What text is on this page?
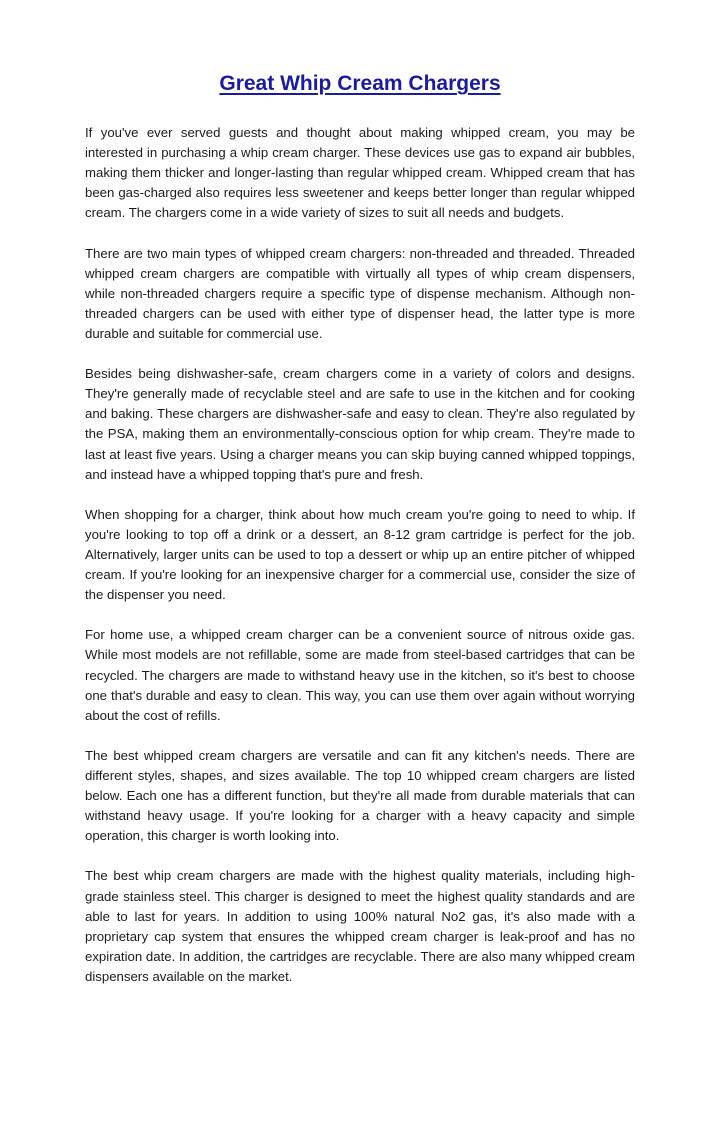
Great Whip Cream Chargers

If you've ever served guests and thought about making whipped cream, you may be interested in purchasing a whip cream charger. These devices use gas to expand air bubbles, making them thicker and longer-lasting than regular whipped cream. Whipped cream that has been gas-charged also requires less sweetener and keeps better longer than regular whipped cream. The chargers come in a wide variety of sizes to suit all needs and budgets.

There are two main types of whipped cream chargers: non-threaded and threaded. Threaded whipped cream chargers are compatible with virtually all types of whip cream dispensers, while non-threaded chargers require a specific type of dispense mechanism. Although non-threaded chargers can be used with either type of dispenser head, the latter type is more durable and suitable for commercial use.

Besides being dishwasher-safe, cream chargers come in a variety of colors and designs. They're generally made of recyclable steel and are safe to use in the kitchen and for cooking and baking. These chargers are dishwasher-safe and easy to clean. They're also regulated by the PSA, making them an environmentally-conscious option for whip cream. They're made to last at least five years. Using a charger means you can skip buying canned whipped toppings, and instead have a whipped topping that's pure and fresh.

When shopping for a charger, think about how much cream you're going to need to whip. If you're looking to top off a drink or a dessert, an 8-12 gram cartridge is perfect for the job. Alternatively, larger units can be used to top a dessert or whip up an entire pitcher of whipped cream. If you're looking for an inexpensive charger for a commercial use, consider the size of the dispenser you need.

For home use, a whipped cream charger can be a convenient source of nitrous oxide gas. While most models are not refillable, some are made from steel-based cartridges that can be recycled. The chargers are made to withstand heavy use in the kitchen, so it's best to choose one that's durable and easy to clean. This way, you can use them over again without worrying about the cost of refills.

The best whipped cream chargers are versatile and can fit any kitchen's needs. There are different styles, shapes, and sizes available. The top 10 whipped cream chargers are listed below. Each one has a different function, but they're all made from durable materials that can withstand heavy usage. If you're looking for a charger with a heavy capacity and simple operation, this charger is worth looking into.

The best whip cream chargers are made with the highest quality materials, including high-grade stainless steel. This charger is designed to meet the highest quality standards and are able to last for years. In addition to using 100% natural No2 gas, it's also made with a proprietary cap system that ensures the whipped cream charger is leak-proof and has no expiration date. In addition, the cartridges are recyclable. There are also many whipped cream dispensers available on the market.
